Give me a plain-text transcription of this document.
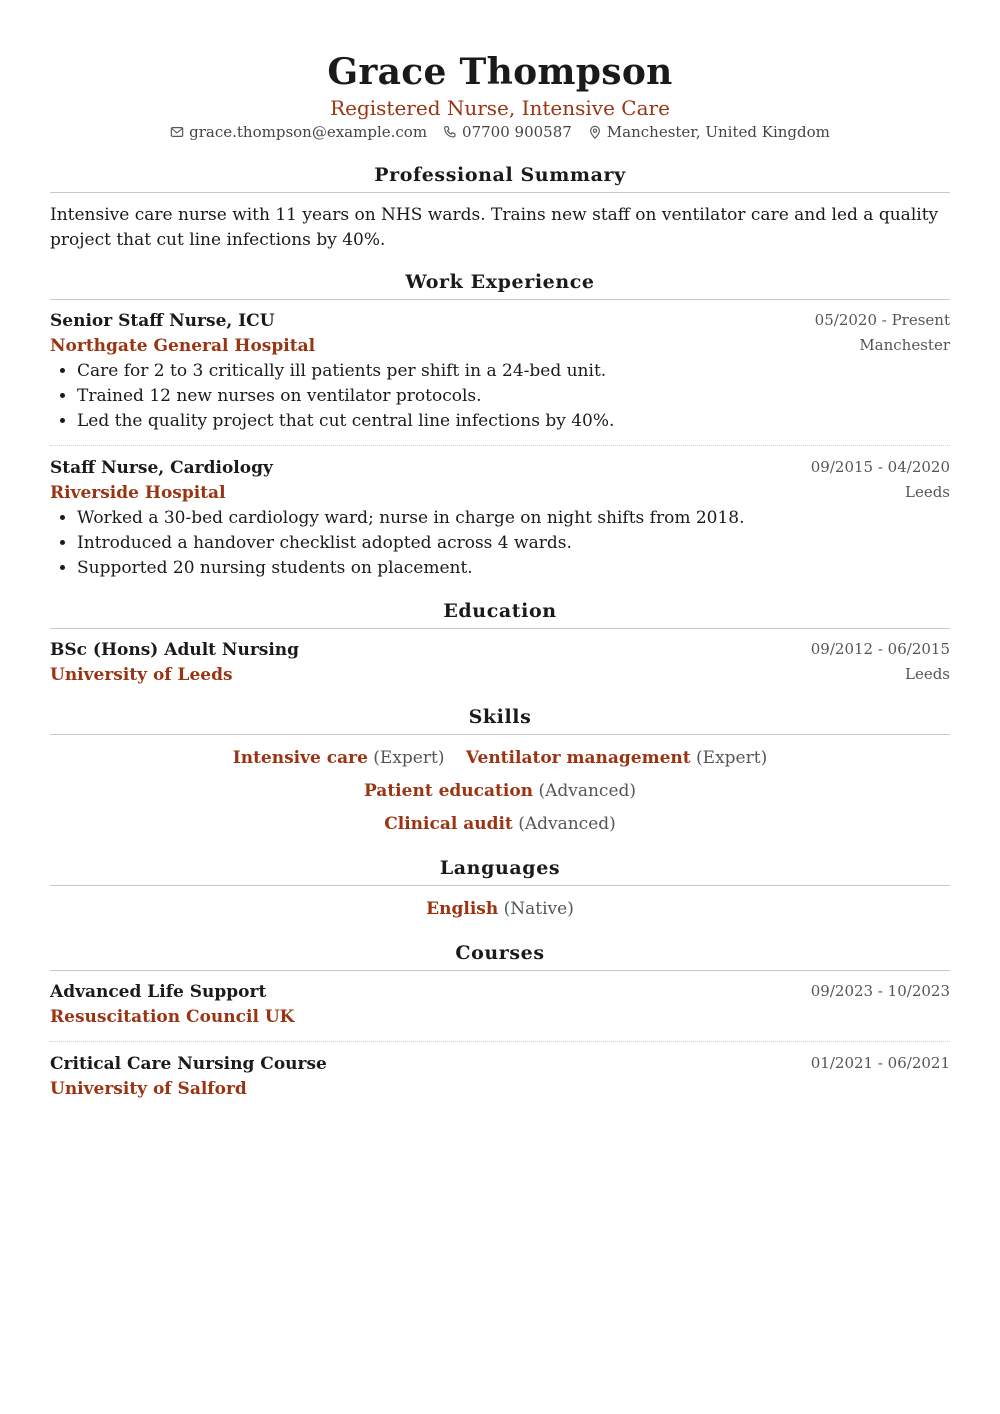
Grace Thompson
Registered Nurse, Intensive Care
grace.thompson@example.com 07700 900587 Manchester, United Kingdom
Professional Summary
Intensive care nurse with 11 years on NHS wards. Trains new staff on ventilator care and led a quality project that cut line infections by 40%.
Work Experience
Senior Staff Nurse, ICU
Northgate General Hospital
05/2020 - Present
Manchester
• Care for 2 to 3 critically ill patients per shift in a 24-bed unit.
• Trained 12 new nurses on ventilator protocols.
• Led the quality project that cut central line infections by 40%.
Staff Nurse, Cardiology
Riverside Hospital
09/2015 - 04/2020
Leeds
• Worked a 30-bed cardiology ward; nurse in charge on night shifts from 2018.
• Introduced a handover checklist adopted across 4 wards.
• Supported 20 nursing students on placement.
Education
BSc (Hons) Adult Nursing
University of Leeds
09/2012 - 06/2015
Leeds
Skills
Intensive care (Expert) Ventilator management (Expert) Patient education (Advanced)
Clinical audit (Advanced)
Languages
English (Native)
Courses
Advanced Life Support
Resuscitation Council UK
09/2023 - 10/2023
Critical Care Nursing Course
University of Salford
01/2021 - 06/2021
